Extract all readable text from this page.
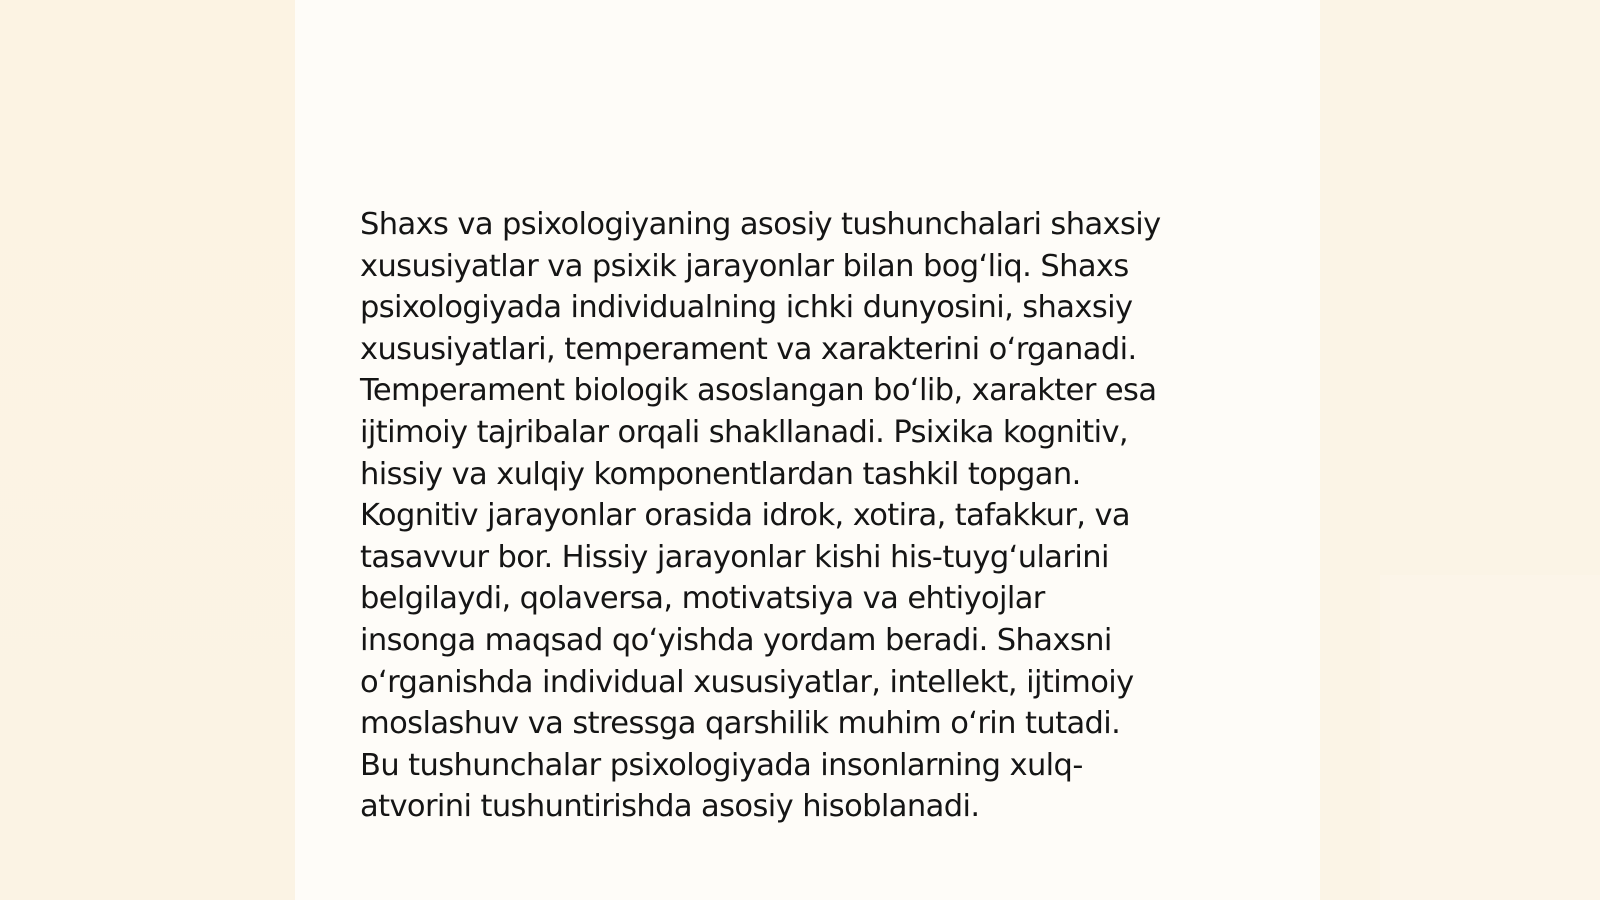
Shaxs va psixologiyaning asosiy tushunchalari shaxsiy
xususiyatlar va psixik jarayonlar bilan bogʻliq. Shaxs
psixologiyada individualning ichki dunyosini, shaxsiy
xususiyatlari, temperament va xarakterini oʻrganadi.
Temperament biologik asoslangan boʻlib, xarakter esa
ijtimoiy tajribalar orqali shakllanadi. Psixika kognitiv,
hissiy va xulqiy komponentlardan tashkil topgan.
Kognitiv jarayonlar orasida idrok, xotira, tafakkur, va
tasavvur bor. Hissiy jarayonlar kishi his-tuygʻularini
belgilaydi, qolaversa, motivatsiya va ehtiyojlar
insonga maqsad qoʻyishda yordam beradi. Shaxsni
oʻrganishda individual xususiyatlar, intellekt, ijtimoiy
moslashuv va stressga qarshilik muhim oʻrin tutadi.
Bu tushunchalar psixologiyada insonlarning xulq-
atvorini tushuntirishda asosiy hisoblanadi.
